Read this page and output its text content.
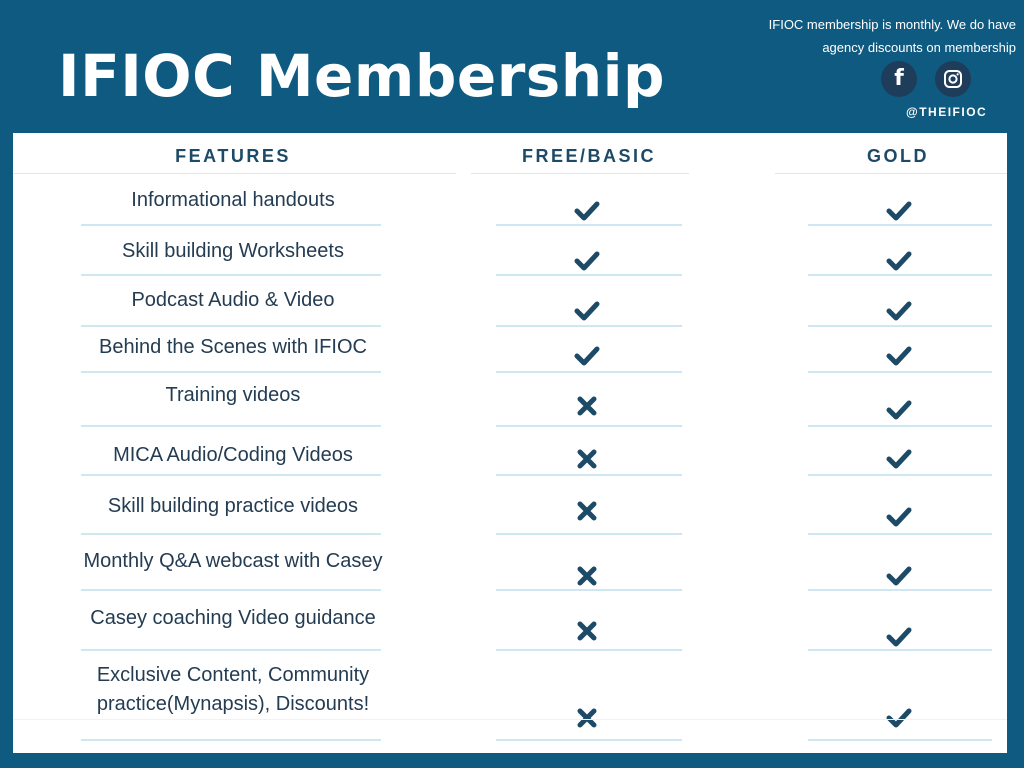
IFIOC Membership
IFIOC membership is monthly. We do have agency discounts on membership
f
@THEIFIOC
FEATURES	FREE/BASIC	GOLD
Informational handouts
Skill building Worksheets
Podcast Audio & Video
Behind the Scenes with IFIOC
Training videos
MICA Audio/Coding Videos
Skill building practice videos
Monthly Q&A webcast with Casey
Casey coaching Video guidance
Exclusive Content, Community
practice(Mynapsis), Discounts!
